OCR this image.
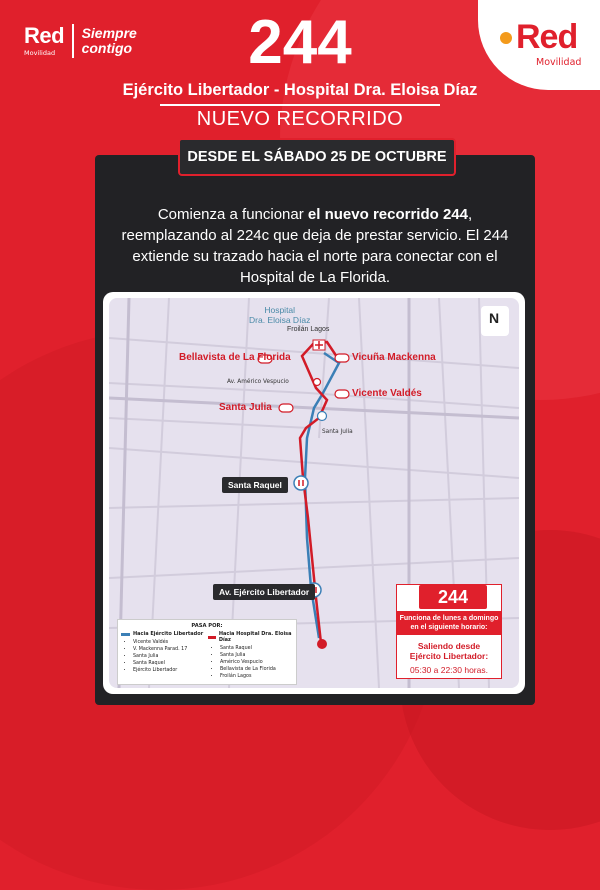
Red
Movilidad
Siempre
contigo	Red
Movilidad
244
Ejército Libertador - Hospital Dra. Eloisa Díaz
NUEVO RECORRIDO
DESDE EL SÁBADO 25 DE OCTUBRE
Comienza a funcionar el nuevo recorrido 244, reemplazando al 224c que deja de prestar servicio. El 244 extiende su trazado hacia el norte para conectar con el Hospital de La Florida.
Froilán Lagos
Hospital
Dra. Eloisa Díaz
Bellavista de La Florida	Vicuña Mackenna
Vicente Valdés
Santa Julia
Av. Américo Vespucio
Santa Julia
N
Santa Raquel
Av. Ejército Libertador
PASA POR:
Hacia Ejército Libertador
• Vicente Valdés
• V. Mackenna Parad. 17
• Santa Julia
• Santa Raquel
• Ejército Libertador
Hacia Hospital Dra. Eloisa Díaz
• Santa Raquel
• Santa Julia
• Américo Vespucio
• Bellavista de La Florida
• Froilán Lagos
244
Funciona de lunes a domingo en el siguiente horario:
Saliendo desde
Ejército Libertador:
05:30 a 22:30 horas.
